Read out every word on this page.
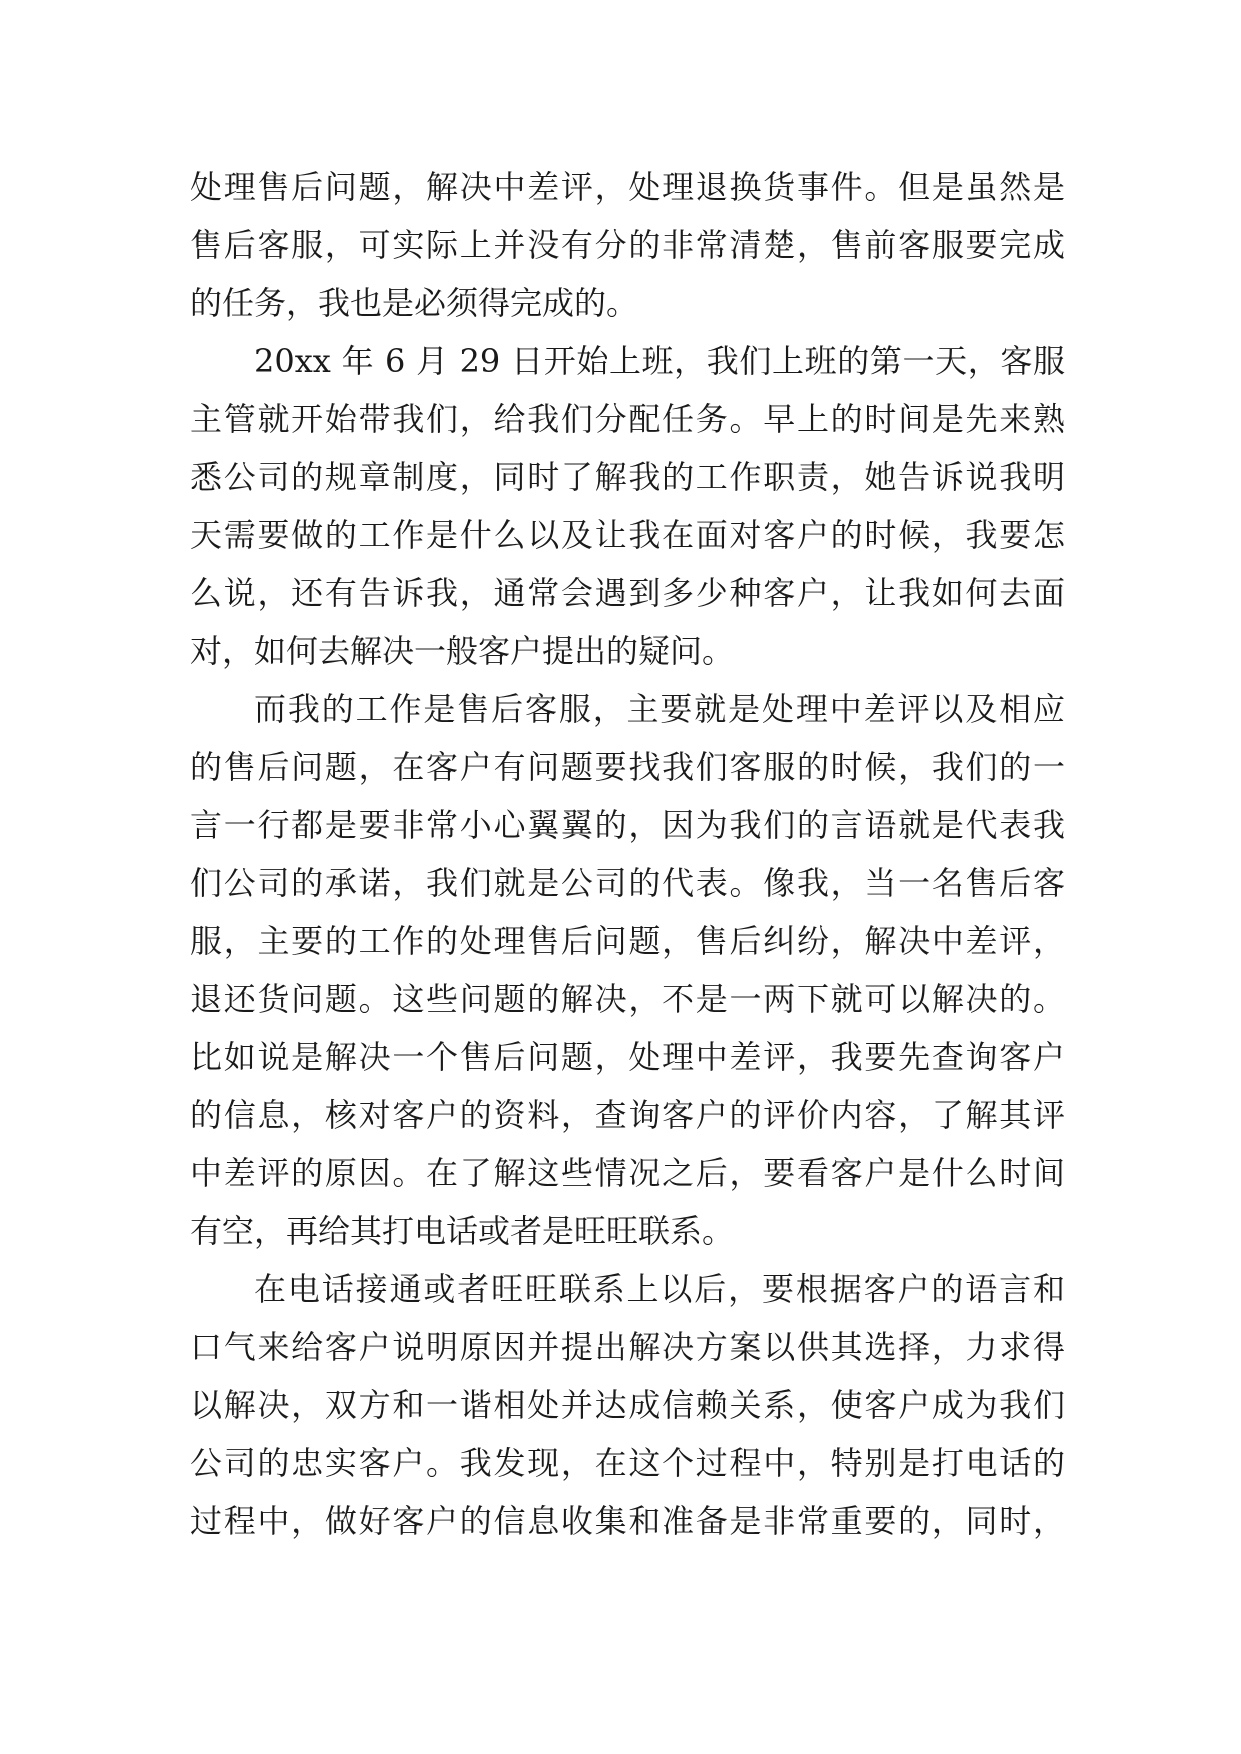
处理售后问题，解决中差评，处理退换货事件。但是虽然是
售后客服，可实际上并没有分的非常清楚，售前客服要完成
的任务，我也是必须得完成的。
20xx 年 6 月 29 日开始上班，我们上班的第一天，客服
主管就开始带我们，给我们分配任务。早上的时间是先来熟
悉公司的规章制度，同时了解我的工作职责，她告诉说我明
天需要做的工作是什么以及让我在面对客户的时候，我要怎
么说，还有告诉我，通常会遇到多少种客户，让我如何去面
对，如何去解决一般客户提出的疑问。
而我的工作是售后客服，主要就是处理中差评以及相应
的售后问题，在客户有问题要找我们客服的时候，我们的一
言一行都是要非常小心翼翼的，因为我们的言语就是代表我
们公司的承诺，我们就是公司的代表。像我，当一名售后客
服，主要的工作的处理售后问题，售后纠纷，解决中差评，
退还货问题。这些问题的解决，不是一两下就可以解决的。
比如说是解决一个售后问题，处理中差评，我要先查询客户
的信息，核对客户的资料，查询客户的评价内容，了解其评
中差评的原因。在了解这些情况之后，要看客户是什么时间
有空，再给其打电话或者是旺旺联系。
在电话接通或者旺旺联系上以后，要根据客户的语言和
口气来给客户说明原因并提出解决方案以供其选择，力求得
以解决，双方和一谐相处并达成信赖关系，使客户成为我们
公司的忠实客户。我发现，在这个过程中，特别是打电话的
过程中，做好客户的信息收集和准备是非常重要的，同时，
